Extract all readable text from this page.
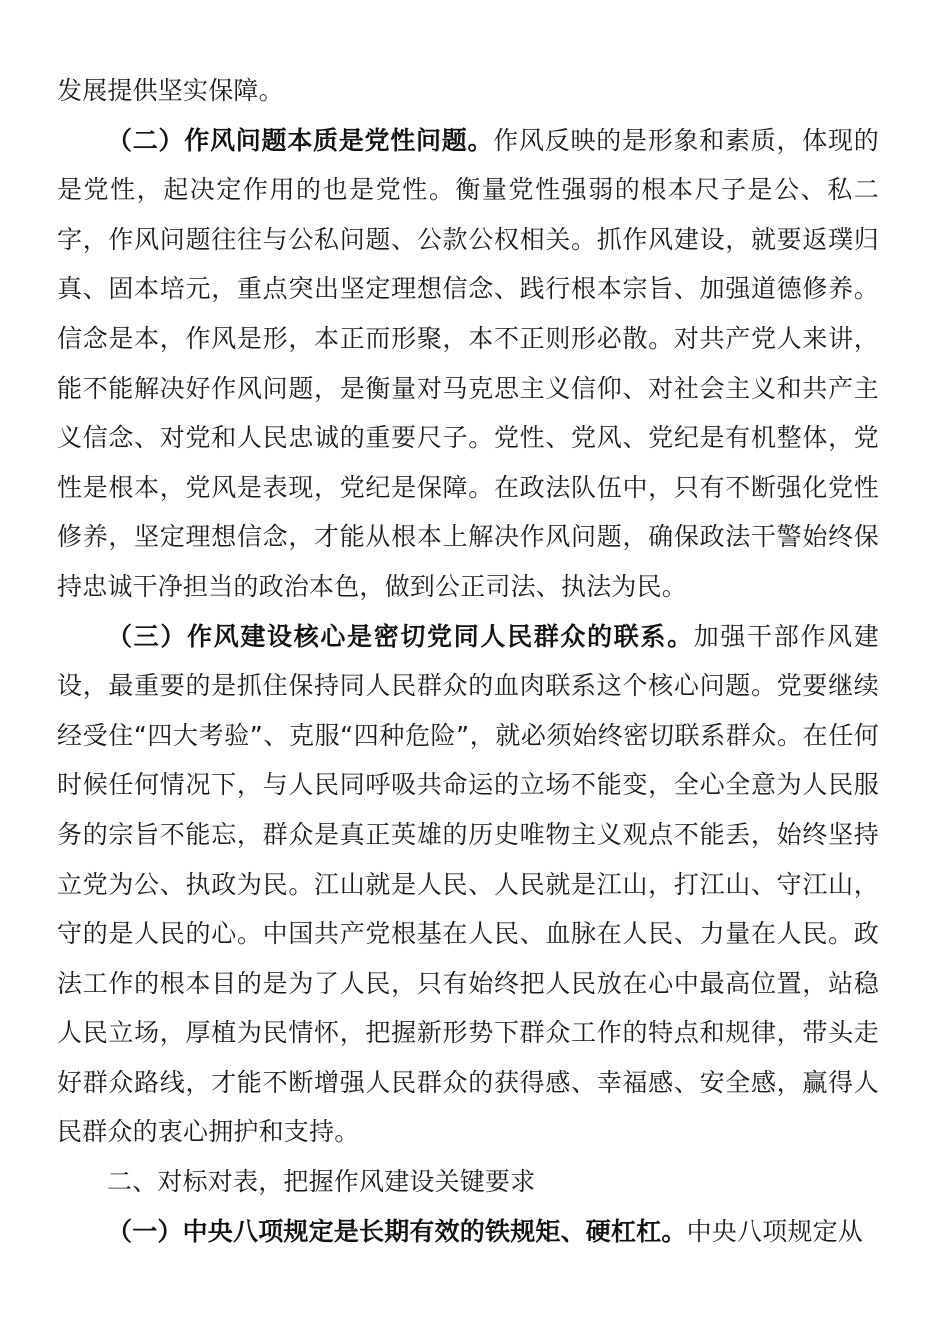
发展提供坚实保障。

（二）作风问题本质是党性问题。作风反映的是形象和素质，体现的是党性，起决定作用的也是党性。衡量党性强弱的根本尺子是公、私二字，作风问题往往与公私问题、公款公权相关。抓作风建设，就要返璞归真、固本培元，重点突出坚定理想信念、践行根本宗旨、加强道德修养。信念是本，作风是形，本正而形聚，本不正则形必散。对共产党人来讲，能不能解决好作风问题，是衡量对马克思主义信仰、对社会主义和共产主义信念、对党和人民忠诚的重要尺子。党性、党风、党纪是有机整体，党性是根本，党风是表现，党纪是保障。在政法队伍中，只有不断强化党性修养，坚定理想信念，才能从根本上解决作风问题，确保政法干警始终保持忠诚干净担当的政治本色，做到公正司法、执法为民。

（三）作风建设核心是密切党同人民群众的联系。加强干部作风建设，最重要的是抓住保持同人民群众的血肉联系这个核心问题。党要继续经受住“四大考验”、克服“四种危险”，就必须始终密切联系群众。在任何时候任何情况下，与人民同呼吸共命运的立场不能变，全心全意为人民服务的宗旨不能忘，群众是真正英雄的历史唯物主义观点不能丢，始终坚持立党为公、执政为民。江山就是人民、人民就是江山，打江山、守江山，守的是人民的心。中国共产党根基在人民、血脉在人民、力量在人民。政法工作的根本目的是为了人民，只有始终把人民放在心中最高位置，站稳人民立场，厚植为民情怀，把握新形势下群众工作的特点和规律，带头走好群众路线，才能不断增强人民群众的获得感、幸福感、安全感，赢得人民群众的衷心拥护和支持。

二、对标对表，把握作风建设关键要求

（一）中央八项规定是长期有效的铁规矩、硬杠杠。中央八项规定从
